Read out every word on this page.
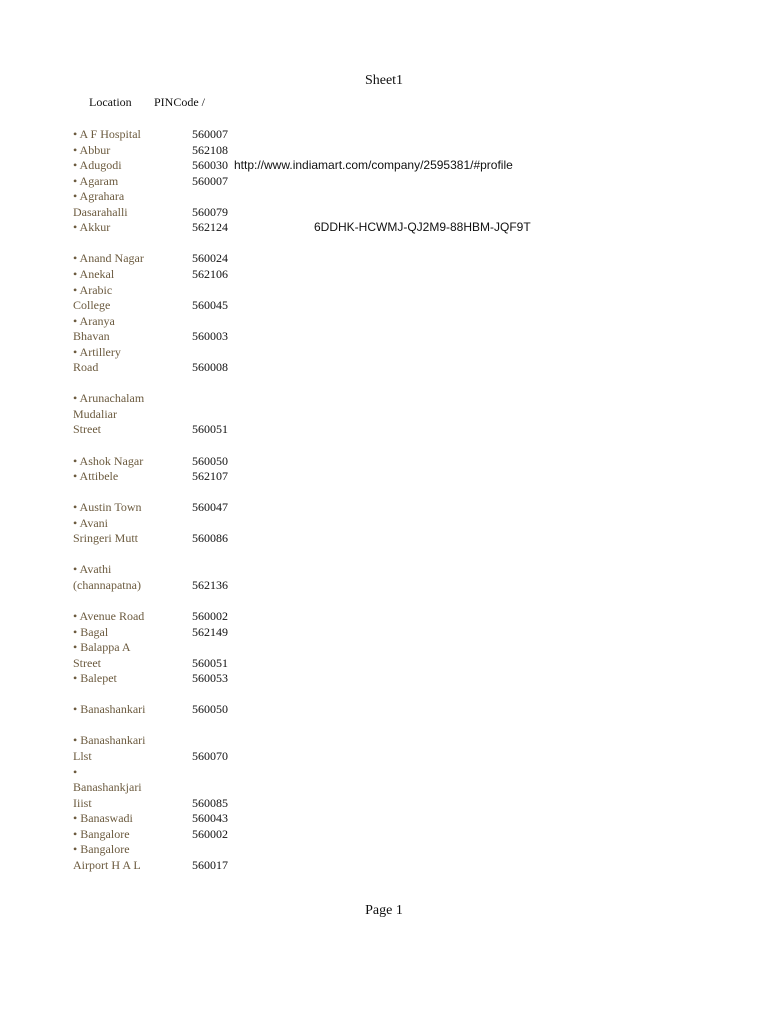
Sheet1
Location PINCode /
• A F Hospital	560007
• Abbur	562108
• Adugodi	560030 http://www.indiamart.com/company/2595381/#profile
• Agaram	560007
• Agrahara
Dasarahalli	560079
• Akkur	562124	6DDHK-HCWMJ-QJ2M9-88HBM-JQF9T
• Anand Nagar	560024
• Anekal	562106
• Arabic
College	560045
• Aranya
Bhavan	560003
• Artillery
Road	560008
• Arunachalam
Mudaliar
Street	560051
• Ashok Nagar	560050
• Attibele	562107
• Austin Town	560047
• Avani
Sringeri Mutt	560086
• Avathi
(channapatna)	562136
• Avenue Road	560002
• Bagal	562149
• Balappa A
Street	560051
• Balepet	560053
• Banashankari	560050
• Banashankari
Llst	560070
•
Banashankjari
Iiist	560085
• Banaswadi	560043
• Bangalore	560002
• Bangalore
Airport H A L	560017
Page 1
